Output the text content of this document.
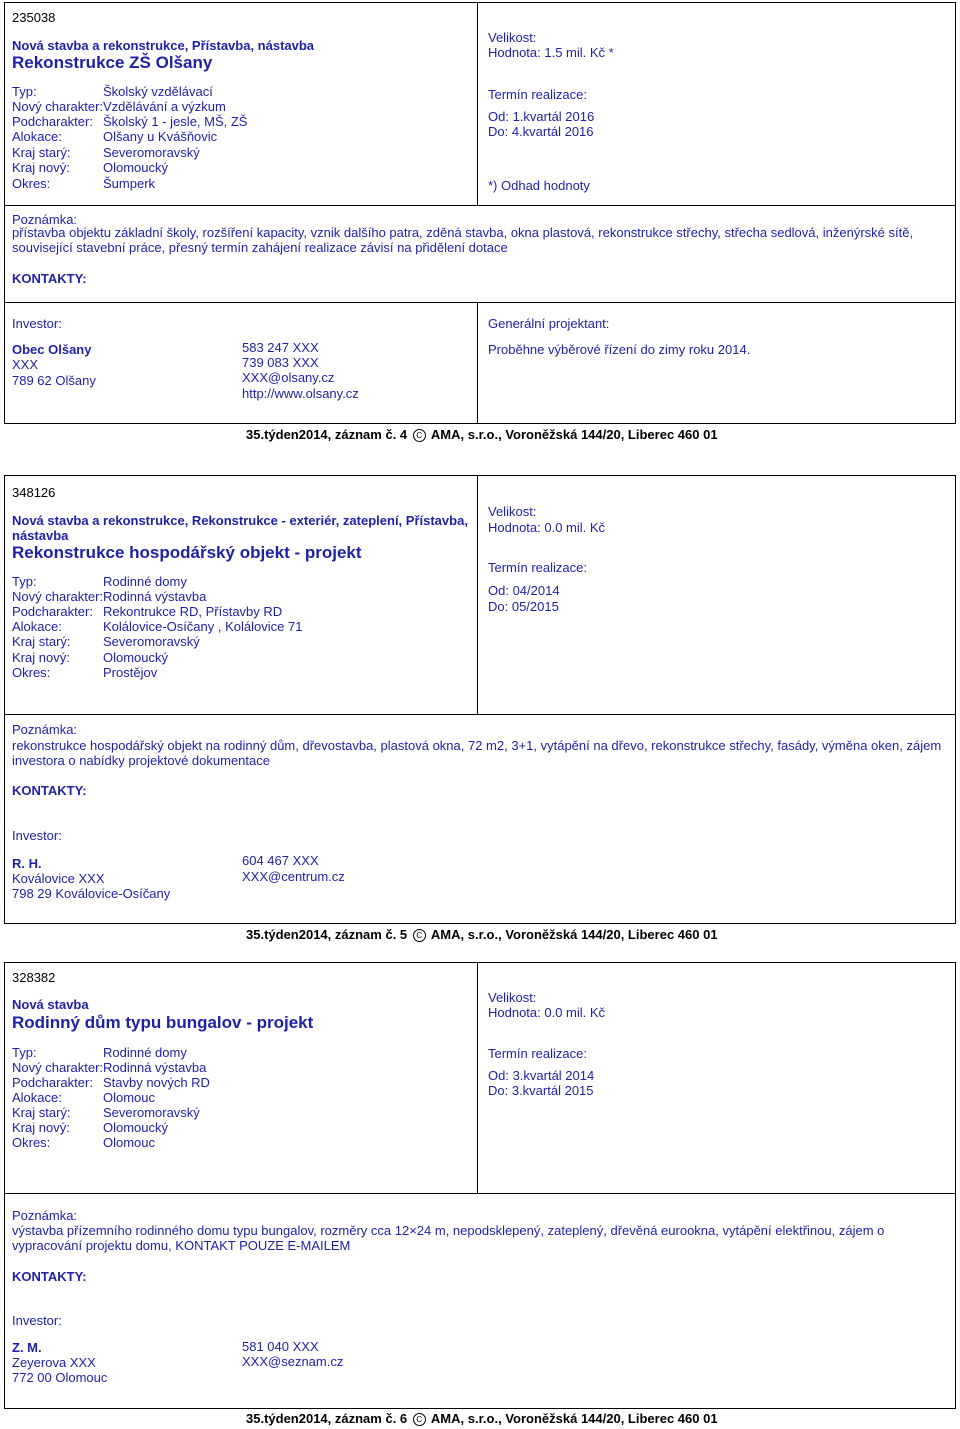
235038
Nová stavba a rekonstrukce, Přístavba, nástavba
Rekonstrukce ZŠ Olšany
Typ:	Školský vzdělávací
Nový charakter:Vzdělávání a výzkum
Podcharakter: Školský 1 - jesle, MŠ, ZŠ
Alokace:	Olšany u Kvášňovic
Kraj starý: Severomoravský
Kraj nový:	Olomoucký
Okres:	Šumperk
Velikost:
Hodnota: 1.5 mil. Kč *
Termín realizace:
Od: 1.kvartál 2016
Do: 4.kvartál 2016
*) Odhad hodnoty
Poznámka:
přístavba objektu základní školy, rozšíření kapacity, vznik dalšího patra, zděná stavba, okna plastová, rekonstrukce střechy, střecha sedlová, inženýrské sítě, související stavební práce, přesný termín zahájení realizace závisí na přidělení dotace
KONTAKTY:
Investor:
Obec Olšany
XXX
789 62 Olšany
583 247 XXX
739 083 XXX
XXX@olsany.cz
http://www.olsany.cz
Generální projektant:
Proběhne výběrové řízení do zimy roku 2014.
35.týden2014, záznam č. 4 C AMA, s.r.o., Voroněžská 144/20, Liberec 460 01
348126
Nová stavba a rekonstrukce, Rekonstrukce - exteriér, zateplení, Přístavba, nástavba
Rekonstrukce hospodářský objekt - projekt
Typ:	Rodinné domy
Nový charakter:Rodinná výstavba
Podcharakter: Rekontrukce RD, Přístavby RD
Alokace:	Kolálovice-Osíčany , Kolálovice 71
Kraj starý: Severomoravský
Kraj nový:	Olomoucký
Okres:	Prostějov
Velikost:
Hodnota: 0.0 mil. Kč
Termín realizace:
Od: 04/2014
Do: 05/2015
Poznámka:
rekonstrukce hospodářský objekt na rodinný dům, dřevostavba, plastová okna, 72 m2, 3+1, vytápění na dřevo, rekonstrukce střechy, fasády, výměna oken, zájem investora o nabídky projektové dokumentace
KONTAKTY:
Investor:
R. H.
Koválovice XXX
798 29 Koválovice-Osíčany
604 467 XXX
XXX@centrum.cz
35.týden2014, záznam č. 5 C AMA, s.r.o., Voroněžská 144/20, Liberec 460 01
328382
Nová stavba
Rodinný dům typu bungalov - projekt
Typ:	Rodinné domy
Nový charakter:Rodinná výstavba
Podcharakter: Stavby nových RD
Alokace:	Olomouc
Kraj starý: Severomoravský
Kraj nový:	Olomoucký
Okres:	Olomouc
Velikost:
Hodnota: 0.0 mil. Kč
Termín realizace:
Od: 3.kvartál 2014
Do: 3.kvartál 2015
Poznámka:
výstavba přízemního rodinného domu typu bungalov, rozměry cca 12×24 m, nepodsklepený, zateplený, dřevěná eurookna, vytápění elektřinou, zájem o vypracování projektu domu, KONTAKT POUZE E-MAILEM
KONTAKTY:
Investor:
Z. M.
Zeyerova XXX
772 00 Olomouc
581 040 XXX
XXX@seznam.cz
35.týden2014, záznam č. 6 C AMA, s.r.o., Voroněžská 144/20, Liberec 460 01
